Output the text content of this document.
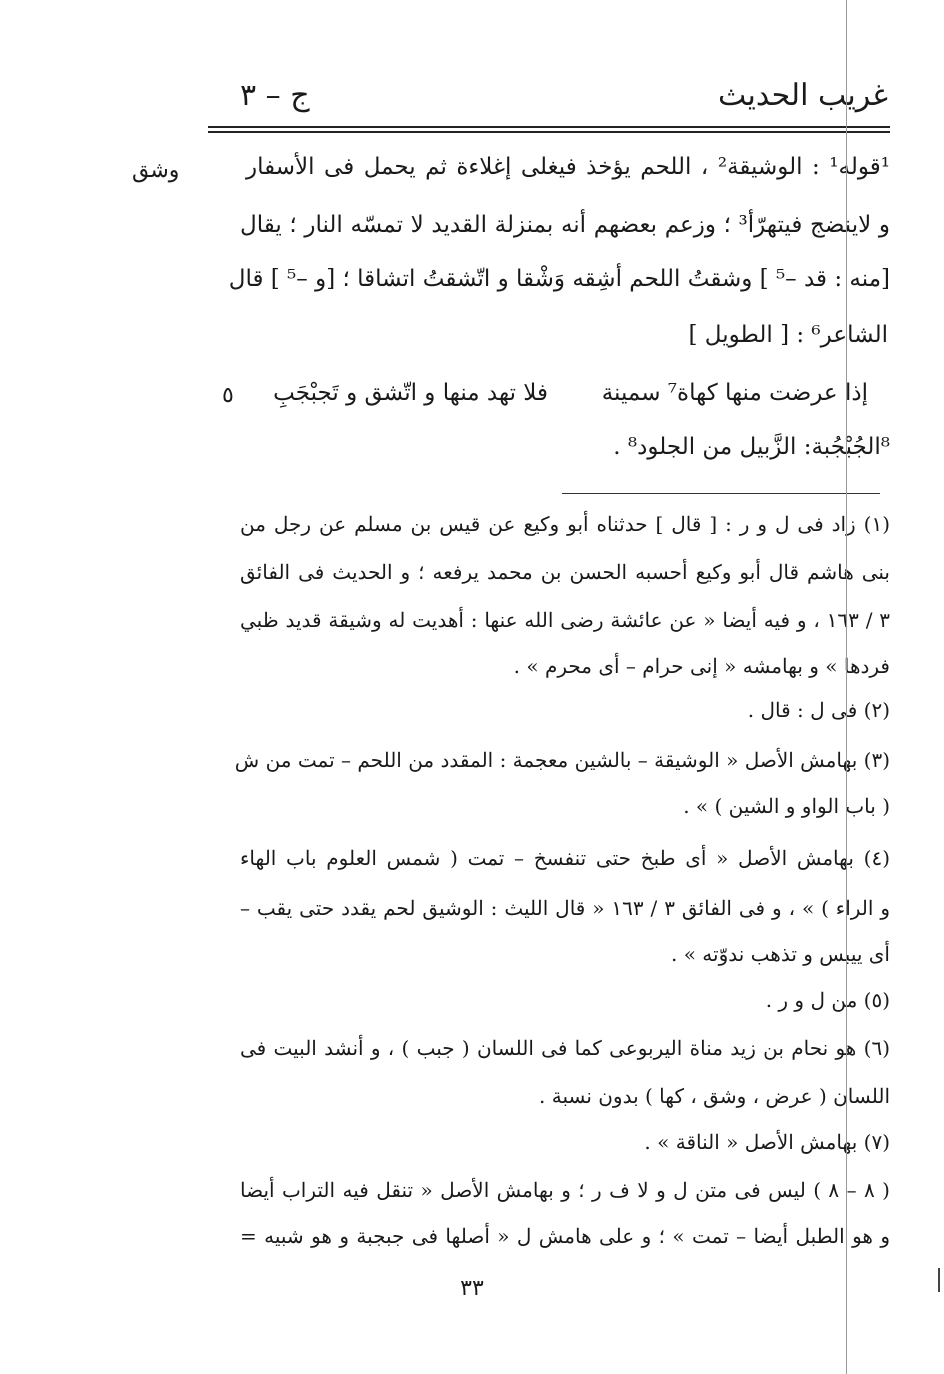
غريب الحديث
ج – ٣
وشق	¹قوله¹ : الوشيقة² ، اللحم يؤخذ فيغلى إغلاءة ثم يحمل فى الأسفار
و لاينضج فيتهرّأ³ ؛ وزعم بعضهم أنه بمنزلة القديد لا تمسّه النار ؛ يقال
[منه : قد –⁵ ] وشقتُ اللحم أشِقه وَشْقا و اتّشقتُ اتشاقا ؛ [و –⁵ ] قال
الشاعر⁶ : [ الطويل ]
إذا عرضت منها كهاة⁷ سمينة
فلا تهد منها و اتّشق و تَجبْجَبِ
٥
⁸الجُبْجُبة: الزَّبيل من الجلود⁸ .
(١) زاد فى ل و ر : [ قال ] حدثناه أبو وكيع عن قيس بن مسلم عن رجل من
بنى هاشم قال أبو وكيع أحسبه الحسن بن محمد يرفعه ؛ و الحديث فى الفائق
٣ / ١٦٣ ، و فيه أيضا « عن عائشة رضى الله عنها : أهديت له وشيقة قديد ظبي
فردها » و بهامشه « إنى حرام – أى محرم » .
(٢) فى ل : قال .
(٣) بهامش الأصل « الوشيقة – بالشين معجمة : المقدد من اللحم – تمت من ش
( باب الواو و الشين ) » .
(٤) بهامش الأصل « أى طبخ حتى تنفسخ – تمت ( شمس العلوم باب الهاء
و الراء ) » ، و فى الفائق ٣ / ١٦٣ « قال الليث : الوشيق لحم يقدد حتى يقب –
أى ييبس و تذهب ندوّته » .
(٥) من ل و ر .
(٦) هو نحام بن زيد مناة اليربوعى كما فى اللسان ( جبب ) ، و أنشد البيت فى
اللسان ( عرض ، وشق ، كها ) بدون نسبة .
(٧) بهامش الأصل « الناقة » .
( ٨ – ٨ ) ليس فى متن ل و لا ف ر ؛ و بهامش الأصل « تنقل فيه التراب أيضا
و هو الطبل أيضا – تمت » ؛ و على هامش ل « أصلها فى جبجبة و هو شبيه =
٣٣
